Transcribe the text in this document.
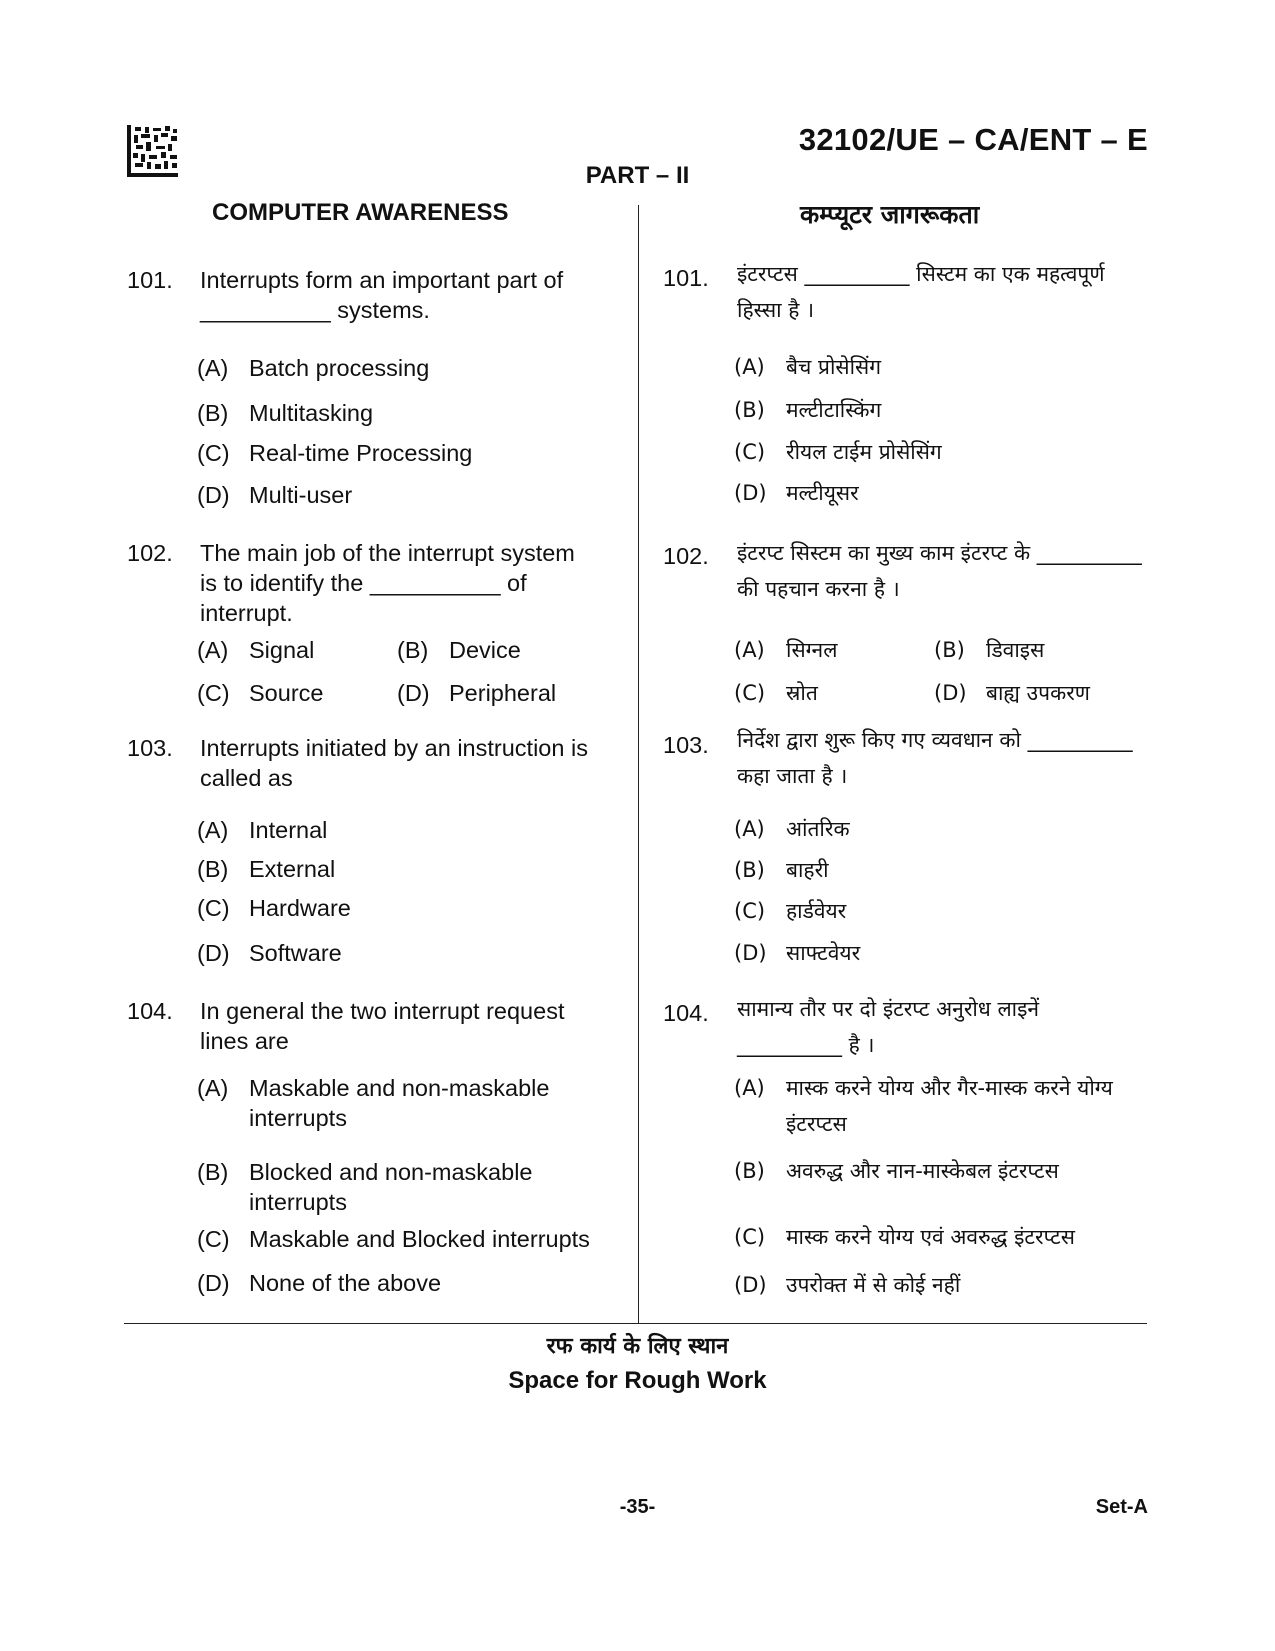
32102/UE – CA/ENT – E
PART – II
COMPUTER AWARENESS	कम्प्यूटर जागरूकता
101. Interrupts form an important part of
__________ systems.
(A) Batch processing
(B) Multitasking
(C) Real-time Processing
(D) Multi-user
102. The main job of the interrupt system
is to identify the __________ of
interrupt.
(A) Signal	(B) Device
(C) Source	(D) Peripheral
103. Interrupts initiated by an instruction is
called as
(A) Internal
(B) External
(C) Hardware
(D) Software
104. In general the two interrupt request
lines are
(A) Maskable and non-maskable
interrupts
(B) Blocked and non-maskable
interrupts
(C) Maskable and Blocked interrupts
(D) None of the above
101. इंटरप्टस __________ सिस्टम का एक महत्वपूर्ण
हिस्सा है ।
(A)	बैच प्रोसेसिंग
(B)	मल्टीटास्किंग
(C) रीयल टाईम प्रोसेसिंग
(D) मल्टीयूसर
102. इंटरप्ट सिस्टम का मुख्य काम इंटरप्ट के __________
की पहचान करना है ।
(A)	सिग्नल	(B)	डिवाइस
(C) स्रोत	(D) बाह्य उपकरण
103. निर्देश द्वारा शुरू किए गए व्यवधान को __________
कहा जाता है ।
(A)	आंतरिक
(B)	बाहरी
(C) हार्डवेयर
(D) साफ्टवेयर
104. सामान्य तौर पर दो इंटरप्ट अनुरोध लाइनें
__________ है ।
(A)	मास्क करने योग्य और गैर-मास्क करने योग्य
इंटरप्टस
(B)	अवरुद्ध और नान-मास्केबल इंटरप्टस
(C) मास्क करने योग्य एवं अवरुद्ध इंटरप्टस
(D) उपरोक्त में से कोई नहीं
रफ कार्य के लिए स्थान
Space for Rough Work
-35-	Set-A
